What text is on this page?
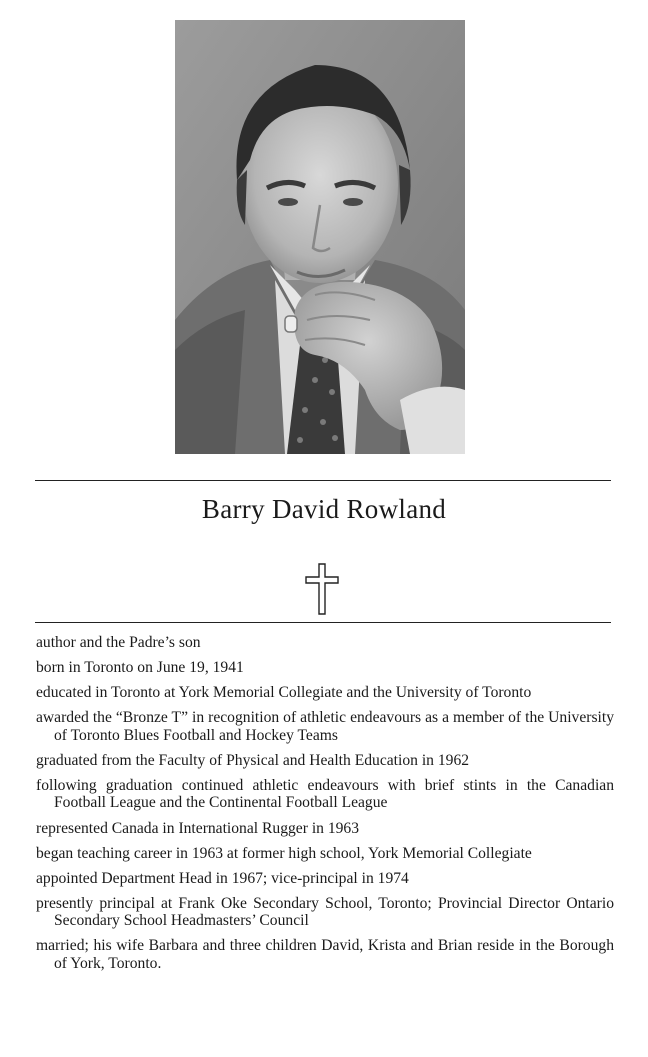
Barry David Rowland
author and the Padre’s son
born in Toronto on June 19, 1941
educated in Toronto at York Memorial Collegiate and the University of Toronto
awarded the “Bronze T” in recognition of athletic endeavours as a member of the University of Toronto Blues Football and Hockey Teams
graduated from the Faculty of Physical and Health Education in 1962
following graduation continued athletic endeavours with brief stints in the Canadian Football League and the Continental Football League
represented Canada in International Rugger in 1963
began teaching career in 1963 at former high school, York Memorial Collegiate
appointed Department Head in 1967; vice-principal in 1974
presently principal at Frank Oke Secondary School, Toronto; Provincial Director Ontario Secondary School Headmasters’ Council
married; his wife Barbara and three children David, Krista and Brian reside in the Borough of York, Toronto.
